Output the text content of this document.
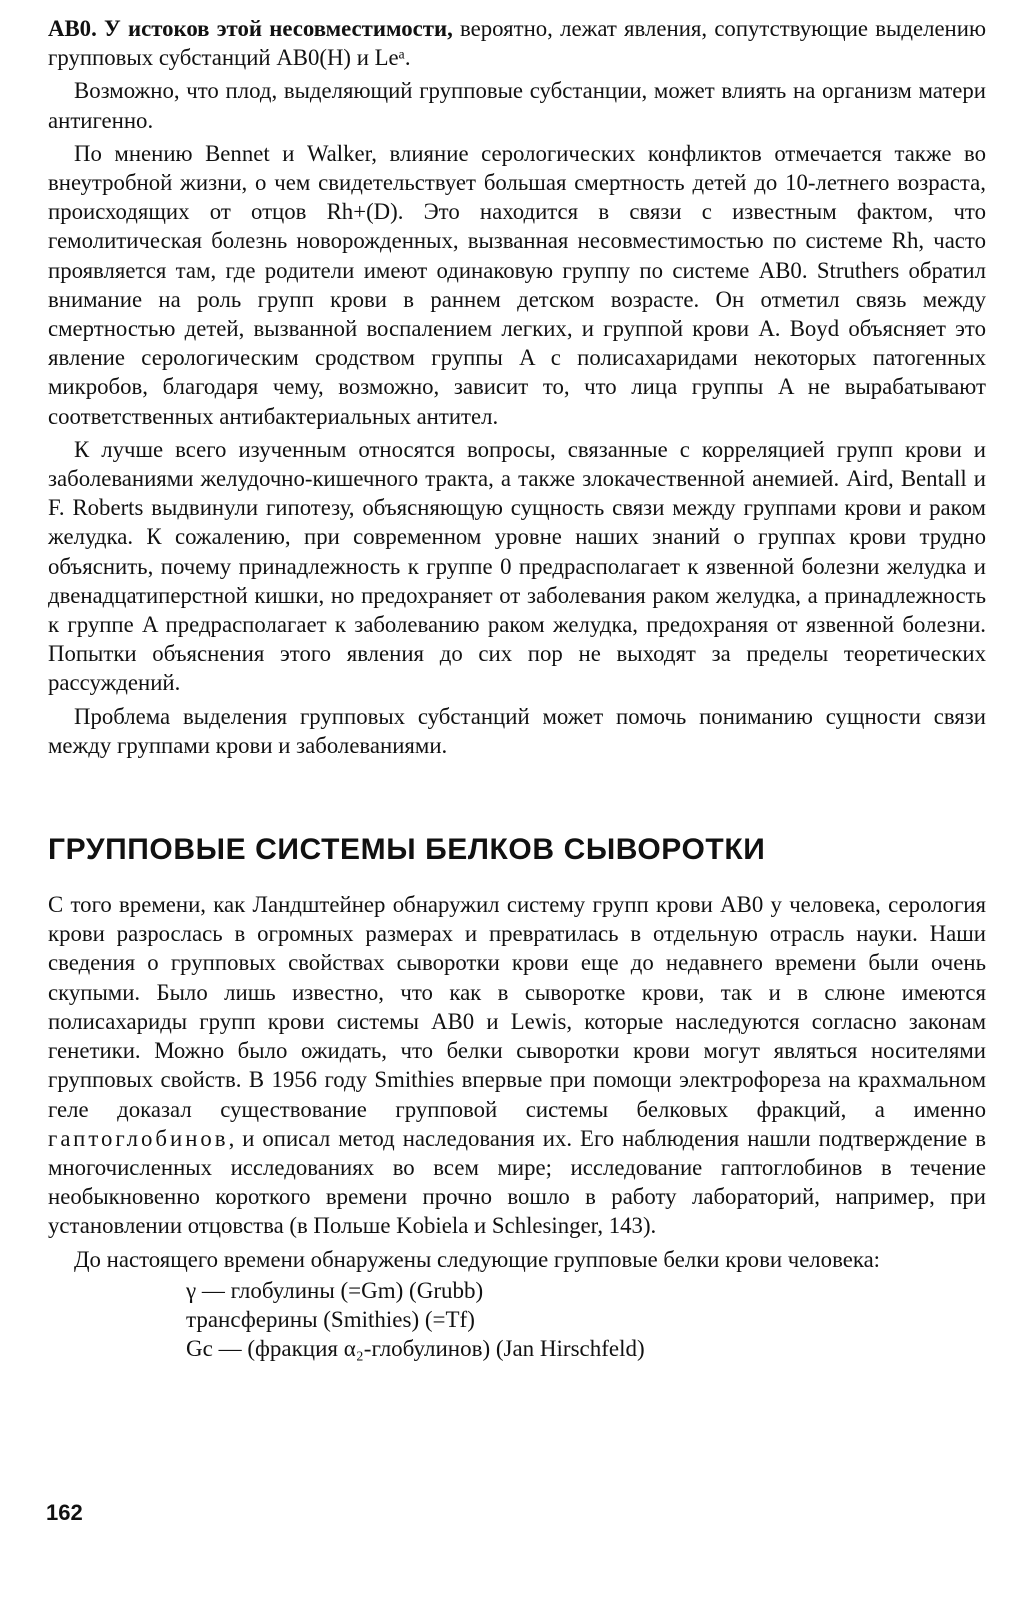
AB0. У истоков этой несовместимости, вероятно, лежат явления, сопутствующие выделению групповых субстанций AB0(H) и Leᵃ.

Возможно, что плод, выделяющий групповые субстанции, может влиять на организм матери антигенно.

По мнению Bennet и Walker, влияние серологических конфликтов отмечается также во внеутробной жизни, о чем свидетельствует большая смертность детей до 10-летнего возраста, происходящих от отцов Rh+(D). Это находится в связи с известным фактом, что гемолитическая болезнь новорожденных, вызванная несовместимостью по системе Rh, часто проявляется там, где родители имеют одинаковую группу по системе AB0. Struthers обратил внимание на роль групп крови в раннем детском возрасте. Он отметил связь между смертностью детей, вызванной воспалением легких, и группой крови A. Boyd объясняет это явление серологическим сродством группы A с полисахаридами некоторых патогенных микробов, благодаря чему, возможно, зависит то, что лица группы A не вырабатывают соответственных антибактериальных антител.

К лучше всего изученным относятся вопросы, связанные с корреляцией групп крови и заболеваниями желудочно-кишечного тракта, а также злокачественной анемией. Aird, Bentall и F. Roberts выдвинули гипотезу, объясняющую сущность связи между группами крови и раком желудка. К сожалению, при современном уровне наших знаний о группах крови трудно объяснить, почему принадлежность к группе 0 предрасполагает к язвенной болезни желудка и двенадцатиперстной кишки, но предохраняет от заболевания раком желудка, а принадлежность к группе A предрасполагает к заболеванию раком желудка, предохраняя от язвенной болезни. Попытки объяснения этого явления до сих пор не выходят за пределы теоретических рассуждений.

Проблема выделения групповых субстанций может помочь пониманию сущности связи между группами крови и заболеваниями.

ГРУППОВЫЕ СИСТЕМЫ БЕЛКОВ СЫВОРОТКИ

С того времени, как Ландштейнер обнаружил систему групп крови AB0 у человека, серология крови разрослась в огромных размерах и превратилась в отдельную отрасль науки. Наши сведения о групповых свойствах сыворотки крови еще до недавнего времени были очень скупыми. Было лишь известно, что как в сыворотке крови, так и в слюне имеются полисахариды групп крови системы AB0 и Lewis, которые наследуются согласно законам генетики. Можно было ожидать, что белки сыворотки крови могут являться носителями групповых свойств. В 1956 году Smithies впервые при помощи электрофореза на крахмальном геле доказал существование групповой системы белковых фракций, а именно гаптоглобинов, и описал метод наследования их. Его наблюдения нашли подтверждение в многочисленных исследованиях во всем мире; исследование гаптоглобинов в течение необыкновенно короткого времени прочно вошло в работу лабораторий, например, при установлении отцовства (в Польше Kobiela и Schlesinger, 143).

До настоящего времени обнаружены следующие групповые белки крови человека:

γ — глобулины (=Gm) (Grubb)
трансферины (Smithies) (=Tf)
Gc — (фракция α₂-глобулинов) (Jan Hirschfeld)
162
